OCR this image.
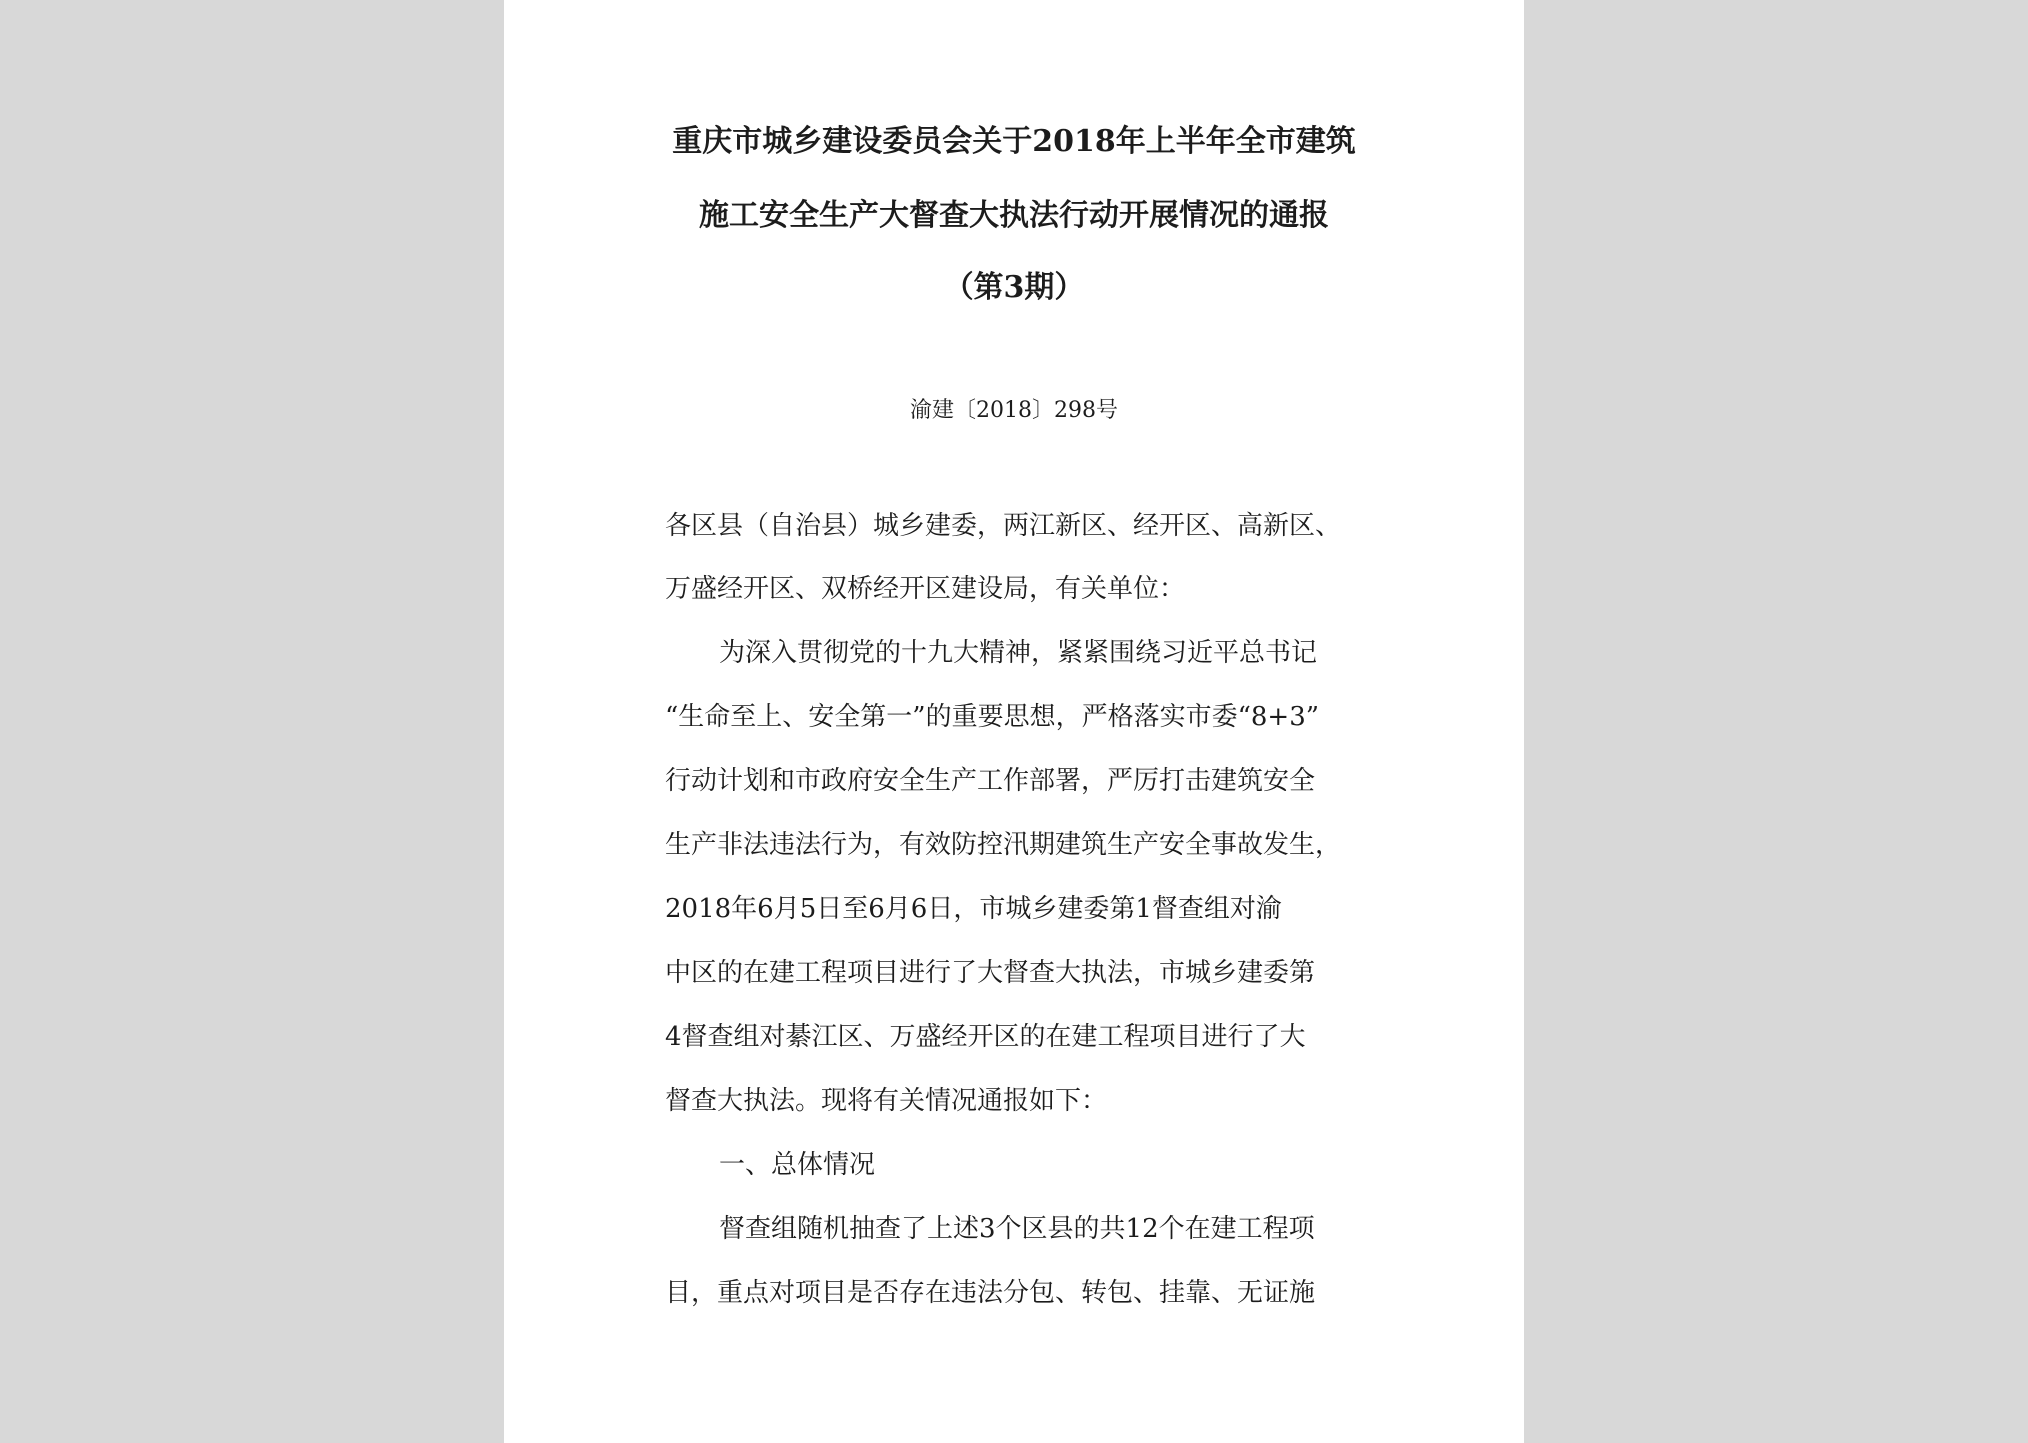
重庆市城乡建设委员会关于2018年上半年全市建筑
施工安全生产大督查大执法行动开展情况的通报
（第3期）
渝建〔2018〕298号
各区县（自治县）城乡建委，两江新区、经开区、高新区、
万盛经开区、双桥经开区建设局，有关单位：
为深入贯彻党的十九大精神，紧紧围绕习近平总书记
“生命至上、安全第一”的重要思想，严格落实市委“8+3”
行动计划和市政府安全生产工作部署，严厉打击建筑安全
生产非法违法行为，有效防控汛期建筑生产安全事故发生，
2018年6月5日至6月6日，市城乡建委第1督查组对渝
中区的在建工程项目进行了大督查大执法，市城乡建委第
4督查组对綦江区、万盛经开区的在建工程项目进行了大
督查大执法。现将有关情况通报如下：
一、总体情况
督查组随机抽查了上述3个区县的共12个在建工程项
目，重点对项目是否存在违法分包、转包、挂靠、无证施
